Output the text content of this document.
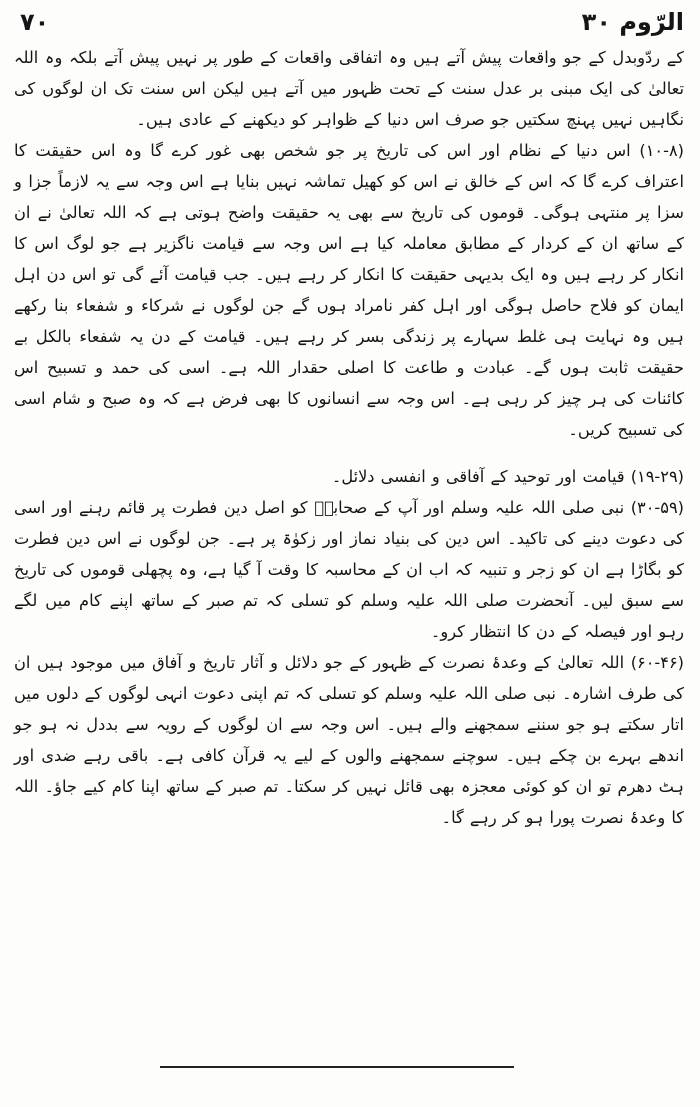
۷۰	الرّوم ۳۰

کے ردّوبدل کے جو واقعات پیش آتے ہیں وہ اتفاقی واقعات کے طور پر نہیں پیش آتے بلکہ وہ اللہ تعالیٰ کی ایک مبنی بر عدل سنت کے تحت ظہور میں آتے ہیں لیکن اس سنت تک ان لوگوں کی نگاہیں نہیں پہنچ سکتیں جو صرف اس دنیا کے ظواہر کو دیکھنے کے عادی ہیں۔

(۱۰-۸) اس دنیا کے نظام اور اس کی تاریخ پر جو شخص بھی غور کرے گا وہ اس حقیقت کا اعتراف کرے گا کہ اس کے خالق نے اس کو کھیل تماشہ نہیں بنایا ہے اس وجہ سے یہ لازماً جزا و سزا پر منتہی ہوگی۔ قوموں کی تاریخ سے بھی یہ حقیقت واضح ہوتی ہے کہ اللہ تعالیٰ نے ان کے ساتھ ان کے کردار کے مطابق معاملہ کیا ہے اس وجہ سے قیامت ناگزیر ہے جو لوگ اس کا انکار کر رہے ہیں وہ ایک بدیہی حقیقت کا انکار کر رہے ہیں۔ جب قیامت آئے گی تو اس دن اہل ایمان کو فلاح حاصل ہوگی اور اہل کفر نامراد ہوں گے جن لوگوں نے شرکاء و شفعاء بنا رکھے ہیں وہ نہایت ہی غلط سہارے پر زندگی بسر کر رہے ہیں۔ قیامت کے دن یہ شفعاء بالکل بے حقیقت ثابت ہوں گے۔ عبادت و طاعت کا اصلی حقدار اللہ ہے۔ اسی کی حمد و تسبیح اس کائنات کی ہر چیز کر رہی ہے۔ اس وجہ سے انسانوں کا بھی فرض ہے کہ وہ صبح و شام اسی کی تسبیح کریں۔

(۱۹-۲۹) قیامت اور توحید کے آفاقی و انفسی دلائل۔

(۳۰-۵۹) نبی صلی اللہ علیہ وسلم اور آپ کے صحابہؓ کو اصل دین فطرت پر قائم رہنے اور اسی کی دعوت دینے کی تاکید۔ اس دین کی بنیاد نماز اور زکوٰۃ پر ہے۔ جن لوگوں نے اس دین فطرت کو بگاڑا ہے ان کو زجر و تنبیہ کہ اب ان کے محاسبہ کا وقت آ گیا ہے، وہ پچھلی قوموں کی تاریخ سے سبق لیں۔ آنحضرت صلی اللہ علیہ وسلم کو تسلی کہ تم صبر کے ساتھ اپنے کام میں لگے رہو اور فیصلہ کے دن کا انتظار کرو۔

(۶۰-۴۶) اللہ تعالیٰ کے وعدۂ نصرت کے ظہور کے جو دلائل و آثار تاریخ و آفاق میں موجود ہیں ان کی طرف اشارہ۔ نبی صلی اللہ علیہ وسلم کو تسلی کہ تم اپنی دعوت انہی لوگوں کے دلوں میں اتار سکتے ہو جو سننے سمجھنے والے ہیں۔ اس وجہ سے ان لوگوں کے رویہ سے بددل نہ ہو جو اندھے بہرے بن چکے ہیں۔ سوچنے سمجھنے والوں کے لیے یہ قرآن کافی ہے۔ باقی رہے ضدی اور ہٹ دھرم تو ان کو کوئی معجزہ بھی قائل نہیں کر سکتا۔ تم صبر کے ساتھ اپنا کام کیے جاؤ۔ اللہ کا وعدۂ نصرت پورا ہو کر رہے گا۔
